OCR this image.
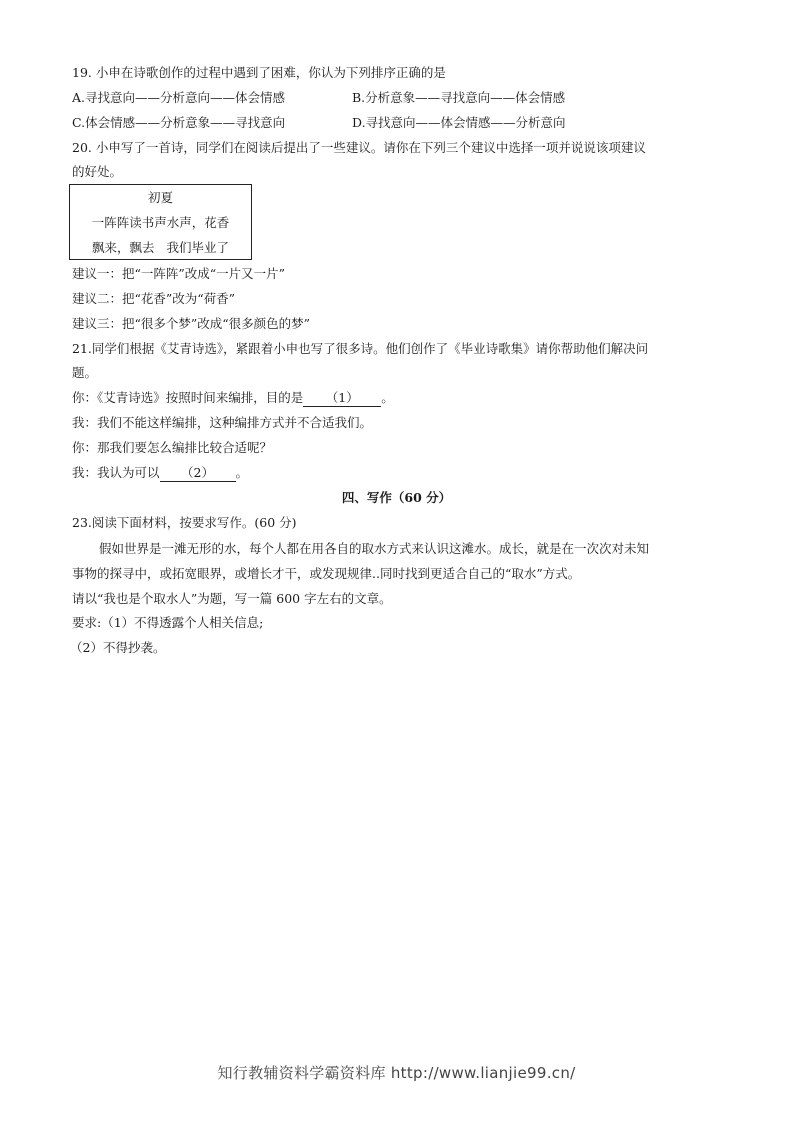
19. 小申在诗歌创作的过程中遇到了困难，你认为下列排序正确的是
A.寻找意向——分析意向——体会情感	B.分析意象——寻找意向——体会情感
C.体会情感——分析意象——寻找意向	D.寻找意向——体会情感——分析意向
20. 小申写了一首诗，同学们在阅读后提出了一些建议。请你在下列三个建议中选择一项并说说该项建议
的好处。
初夏
一阵阵读书声水声，花香
飘来，飘去   我们毕业了
建议一：把“一阵阵”改成“一片又一片”
建议二：把“花香”改为“荷香”
建议三：把“很多个梦”改成“很多颜色的梦”
21.同学们根据《艾青诗选》，紧跟着小申也写了很多诗。他们创作了《毕业诗歌集》请你帮助他们解决问
题。
你：《艾青诗选》按照时间来编排，目的是 （1） 。
我：我们不能这样编排，这种编排方式并不合适我们。
你：那我们要怎么编排比较合适呢？
我：我认为可以 （2） 。
四、写作（60 分）
23.阅读下面材料，按要求写作。(60 分)
假如世界是一滩无形的水，每个人都在用各自的取水方式来认识这滩水。成长，就是在一次次对未知
事物的探寻中，或拓宽眼界，或增长才干，或发现规律..同时找到更适合自己的“取水”方式。
请以“我也是个取水人”为题，写一篇 600 字左右的文章。
要求:（1）不得透露个人相关信息;
（2）不得抄袭。
知行教辅资料学霸资料库 http://www.lianjie99.cn/
